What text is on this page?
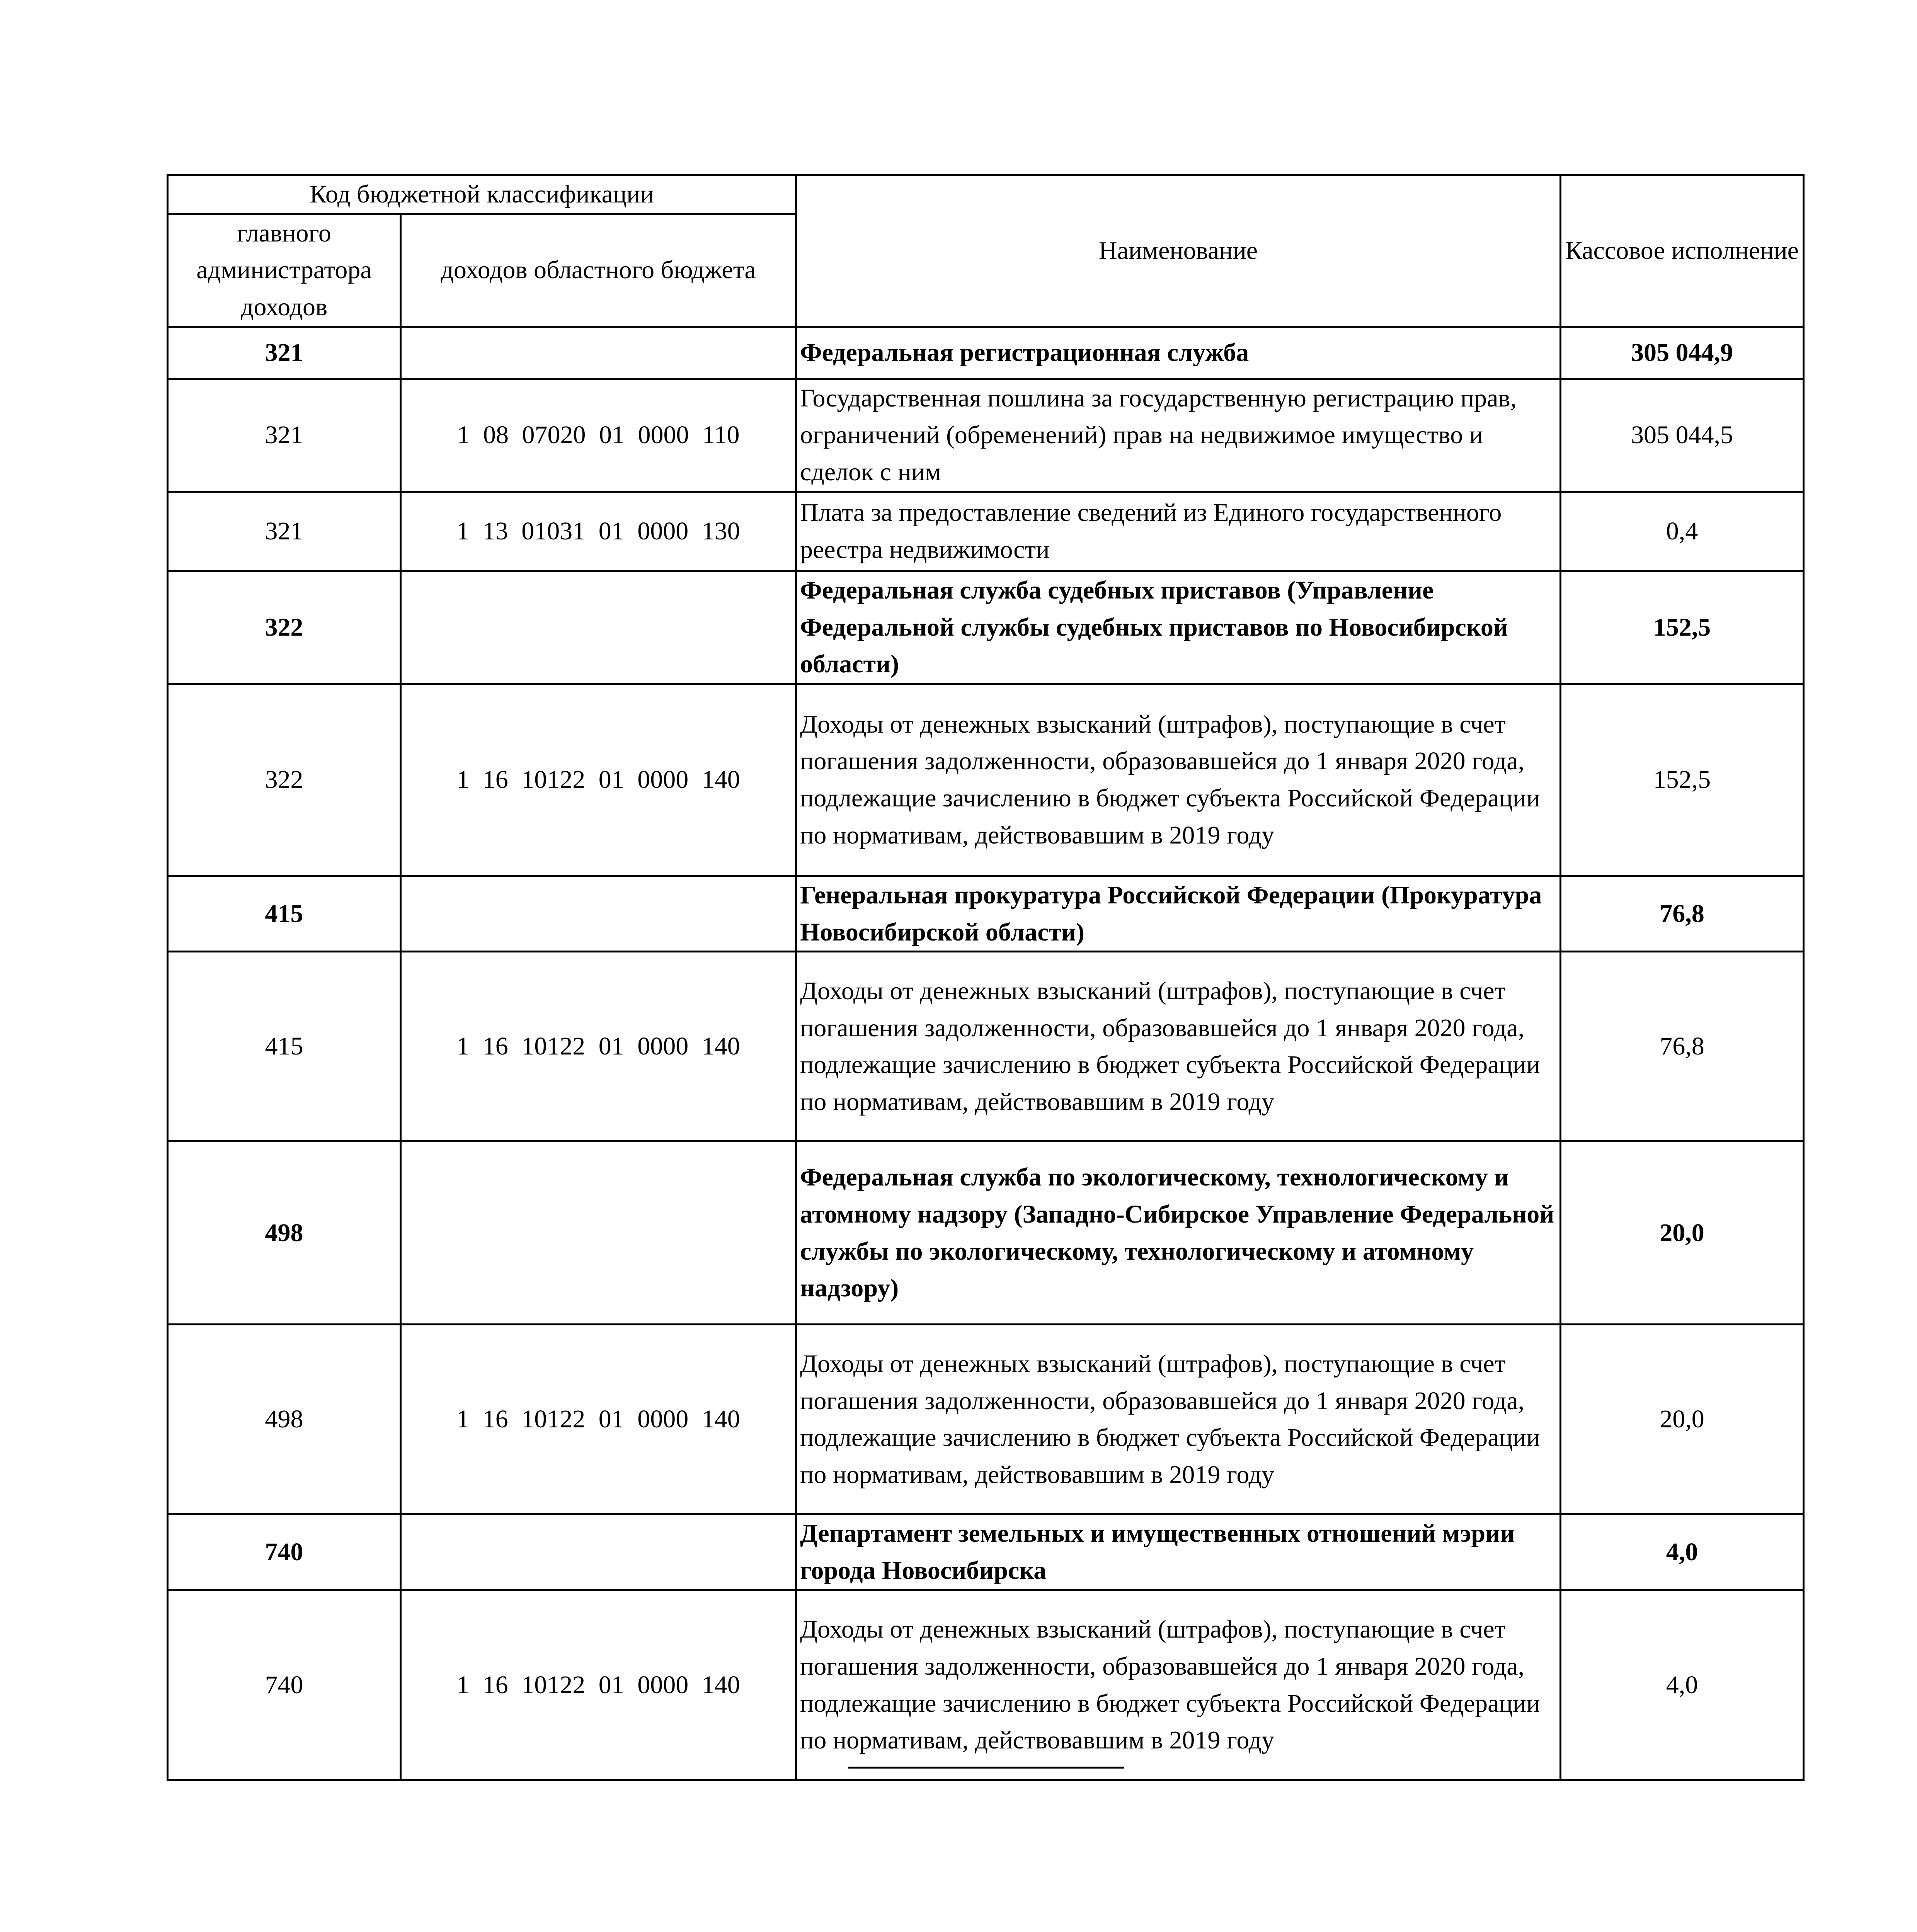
Код бюджетной классификации		Наименование	Кассовое исполнение
главного администратора доходов	доходов областного бюджета		
321		Федеральная регистрационная служба	305 044,9
321	1 08 07020 01 0000 110	Государственная пошлина за государственную регистрацию прав, ограничений (обременений) прав на недвижимое имущество и сделок с ним	305 044,5
321	1 13 01031 01 0000 130	Плата за предоставление сведений из Единого государственного реестра недвижимости	0,4
322		Федеральная служба судебных приставов (Управление Федеральной службы судебных приставов по Новосибирской области)	152,5
322	1 16 10122 01 0000 140	Доходы от денежных взысканий (штрафов), поступающие в счет погашения задолженности, образовавшейся до 1 января 2020 года, подлежащие зачислению в бюджет субъекта Российской Федерации по нормативам, действовавшим в 2019 году	152,5
415		Генеральная прокуратура Российской Федерации (Прокуратура Новосибирской области)	76,8
415	1 16 10122 01 0000 140	Доходы от денежных взысканий (штрафов), поступающие в счет погашения задолженности, образовавшейся до 1 января 2020 года, подлежащие зачислению в бюджет субъекта Российской Федерации по нормативам, действовавшим в 2019 году	76,8
498		Федеральная служба по экологическому, технологическому и атомному надзору (Западно-Сибирское Управление Федеральной службы по экологическому, технологическому и атомному надзору)	20,0
498	1 16 10122 01 0000 140	Доходы от денежных взысканий (штрафов), поступающие в счет погашения задолженности, образовавшейся до 1 января 2020 года, подлежащие зачислению в бюджет субъекта Российской Федерации по нормативам, действовавшим в 2019 году	20,0
740		Департамент земельных и имущественных отношений мэрии города Новосибирска	4,0
740	1 16 10122 01 0000 140	Доходы от денежных взысканий (штрафов), поступающие в счет погашения задолженности, образовавшейся до 1 января 2020 года, подлежащие зачислению в бюджет субъекта Российской Федерации по нормативам, действовавшим в 2019 году	4,0
